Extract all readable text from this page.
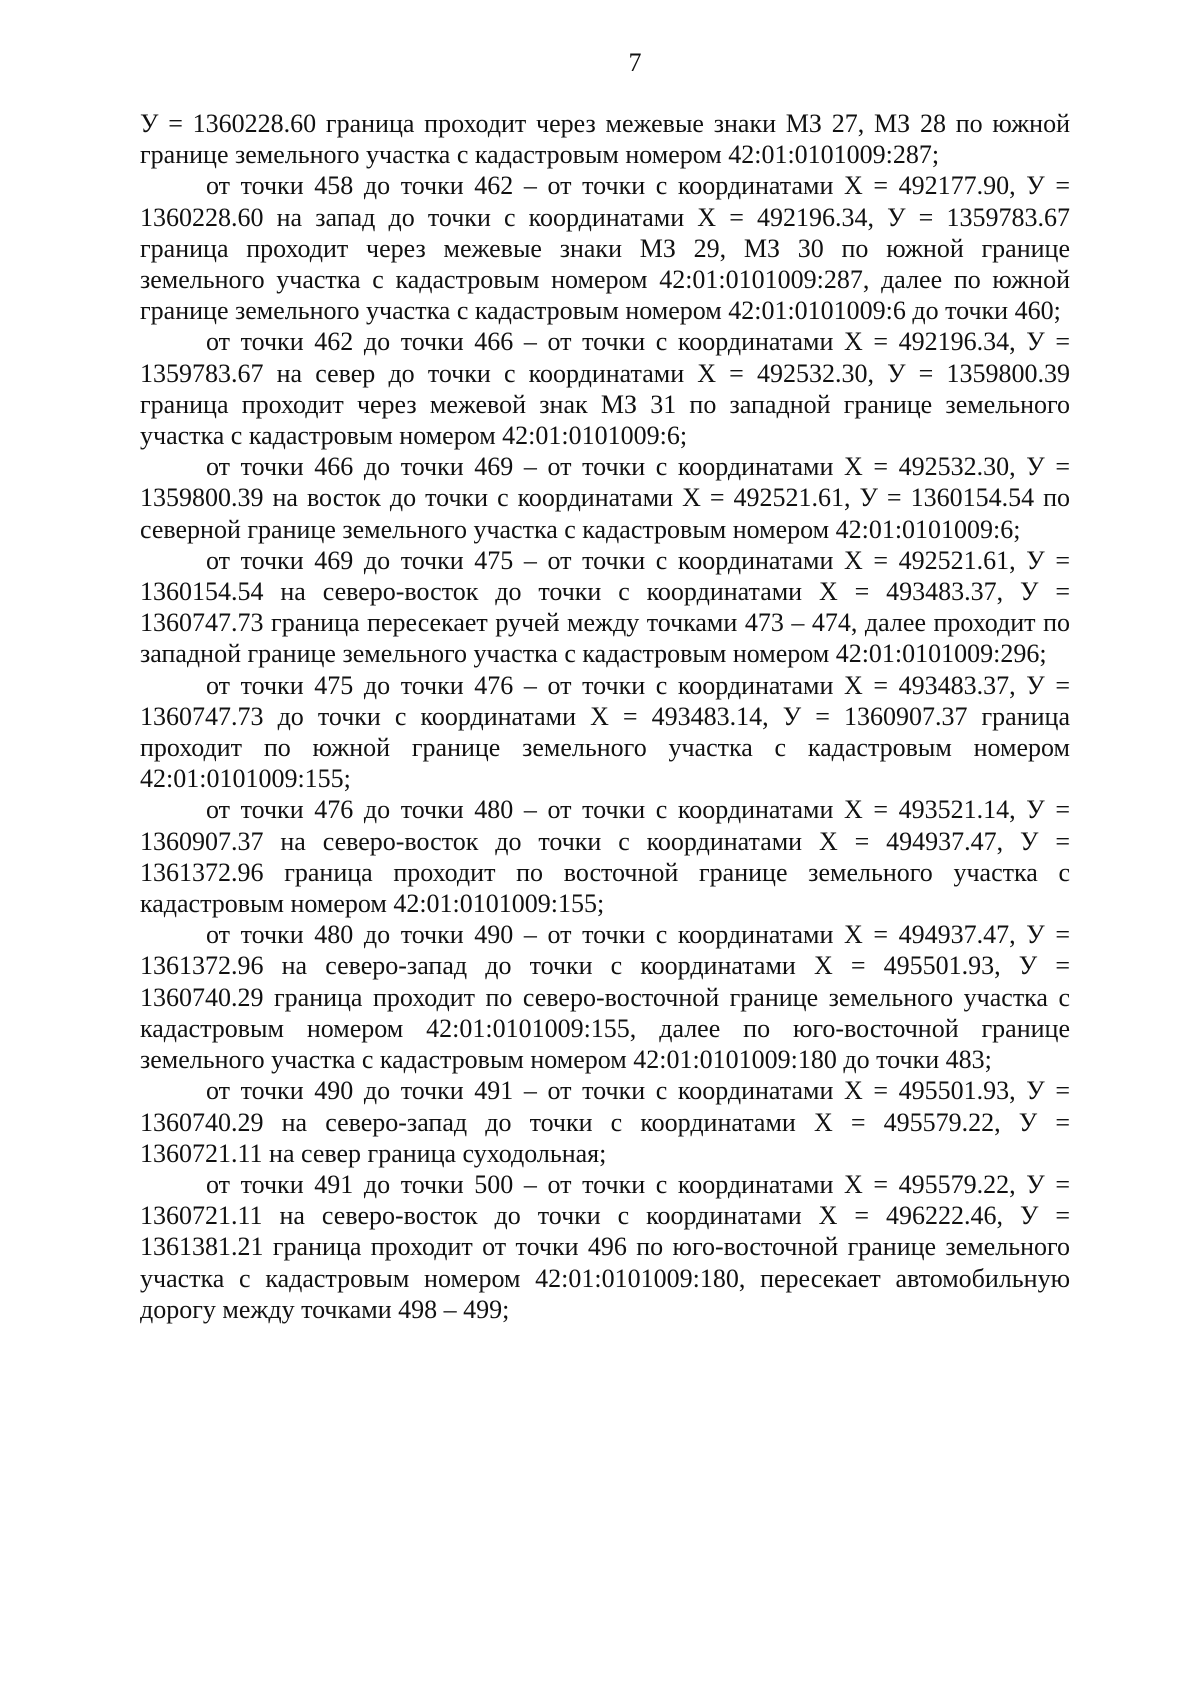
7

У = 1360228.60 граница проходит через межевые знаки МЗ 27, МЗ 28 по южной границе земельного участка с кадастровым номером 42:01:0101009:287;

от точки 458 до точки 462 – от точки с координатами Х = 492177.90, У = 1360228.60 на запад до точки с координатами Х = 492196.34, У = 1359783.67 граница проходит через межевые знаки МЗ 29, МЗ 30 по южной границе земельного участка с кадастровым номером 42:01:0101009:287, далее по южной границе земельного участка с кадастровым номером 42:01:0101009:6 до точки 460;

от точки 462 до точки 466 – от точки с координатами Х = 492196.34, У = 1359783.67 на север до точки с координатами Х = 492532.30, У = 1359800.39 граница проходит через межевой знак МЗ 31 по западной границе земельного участка с кадастровым номером 42:01:0101009:6;

от точки 466 до точки 469 – от точки с координатами Х = 492532.30, У = 1359800.39 на восток до точки с координатами Х = 492521.61, У = 1360154.54 по северной границе земельного участка с кадастровым номером 42:01:0101009:6;

от точки 469 до точки 475 – от точки с координатами Х = 492521.61, У = 1360154.54 на северо-восток до точки с координатами Х = 493483.37, У = 1360747.73 граница пересекает ручей между точками 473 – 474, далее проходит по западной границе земельного участка с кадастровым номером 42:01:0101009:296;

от точки 475 до точки 476 – от точки с координатами Х = 493483.37, У = 1360747.73 до точки с координатами Х = 493483.14, У = 1360907.37 граница проходит по южной границе земельного участка с кадастровым номером 42:01:0101009:155;

от точки 476 до точки 480 – от точки с координатами Х = 493521.14, У = 1360907.37 на северо-восток до точки с координатами Х = 494937.47, У = 1361372.96 граница проходит по восточной границе земельного участка с кадастровым номером 42:01:0101009:155;

от точки 480 до точки 490 – от точки с координатами Х = 494937.47, У = 1361372.96 на северо-запад до точки с координатами Х = 495501.93, У = 1360740.29 граница проходит по северо-восточной границе земельного участка с кадастровым номером 42:01:0101009:155, далее по юго-восточной границе земельного участка с кадастровым номером 42:01:0101009:180 до точки 483;

от точки 490 до точки 491 – от точки с координатами Х = 495501.93, У = 1360740.29 на северо-запад до точки с координатами Х = 495579.22, У = 1360721.11 на север граница суходольная;

от точки 491 до точки 500 – от точки с координатами Х = 495579.22, У = 1360721.11 на северо-восток до точки с координатами Х = 496222.46, У = 1361381.21 граница проходит от точки 496 по юго-восточной границе земельного участка с кадастровым номером 42:01:0101009:180, пересекает автомобильную дорогу между точками 498 – 499;
